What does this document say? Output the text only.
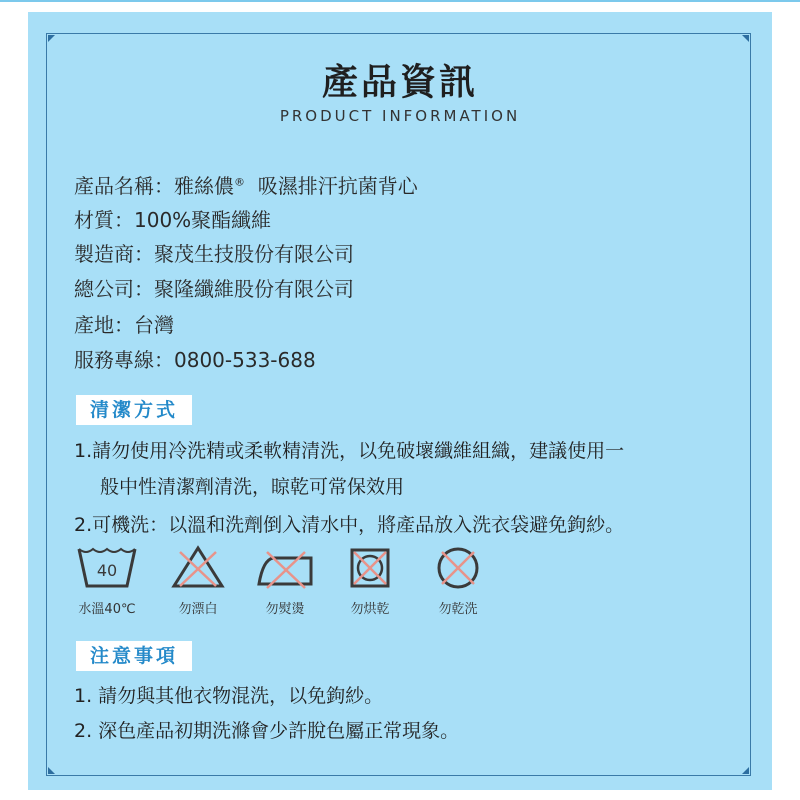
產品資訊
PRODUCT INFORMATION
產品名稱：雅絲儂®  吸濕排汗抗菌背心
材質：100%聚酯纖維
製造商：聚茂生技股份有限公司
總公司：聚隆纖維股份有限公司
產地：台灣
服務專線：0800-533-688
清潔方式
1.請勿使用冷洗精或柔軟精清洗，以免破壞纖維組織，建議使用一
般中性清潔劑清洗，晾乾可常保效用
2.可機洗：以溫和洗劑倒入清水中，將產品放入洗衣袋避免鉤紗。
40
水溫40℃	勿漂白	勿熨燙	勿烘乾	勿乾洗
注意事項
1. 請勿與其他衣物混洗，以免鉤紗。
2. 深色產品初期洗滌會少許脫色屬正常現象。
